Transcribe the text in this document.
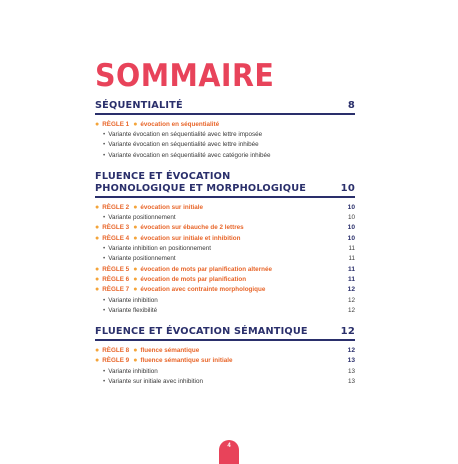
SOMMAIRE
SÉQUENTIALITÉ	8
● RÈGLE 1 ● évocation en séquentialité
• Variante évocation en séquentialité avec lettre imposée
• Variante évocation en séquentialité avec lettre inhibée
• Variante évocation en séquentialité avec catégorie inhibée
FLUENCE ET ÉVOCATION
PHONOLOGIQUE ET MORPHOLOGIQUE	10
● RÈGLE 2 ● évocation sur initiale	10
• Variante positionnement	10
● RÈGLE 3 ● évocation sur ébauche de 2 lettres	10
● RÈGLE 4 ● évocation sur initiale et inhibition	10
• Variante inhibition en positionnement	11
• Variante positionnement	11
● RÈGLE 5 ● évocation de mots par planification alternée	11
● RÈGLE 6 ● évocation de mots par planification	11
● RÈGLE 7 ● évocation avec contrainte morphologique	12
• Variante inhibition	12
• Variante flexibilité	12
FLUENCE ET ÉVOCATION SÉMANTIQUE	12
● RÈGLE 8 ● fluence sémantique	12
● RÈGLE 9 ● fluence sémantique sur initiale	13
• Variante inhibition	13
• Variante sur initiale avec inhibition	13
4
